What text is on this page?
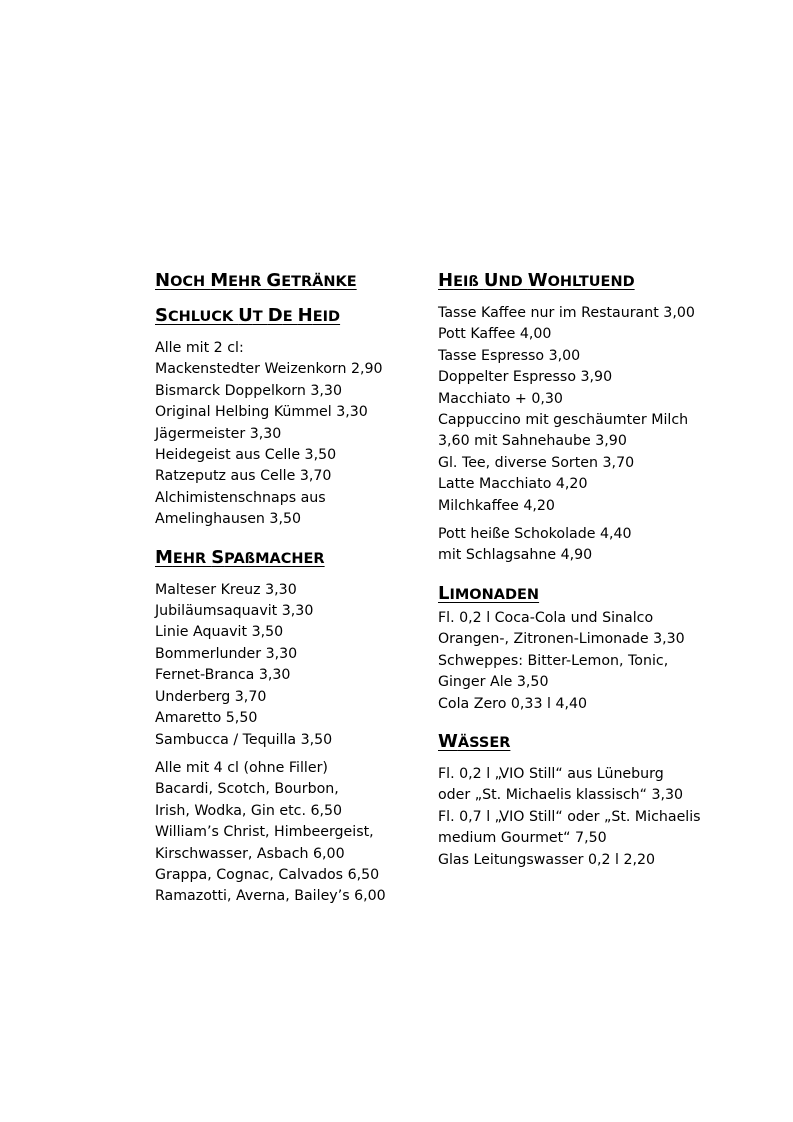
NOCH MEHR GETRÄNKE
SCHLUCK UT DE HEID
Alle mit 2 cl:
Mackenstedter Weizenkorn 2,90
Bismarck Doppelkorn 3,30
Original Helbing Kümmel 3,30
Jägermeister 3,30
Heidegeist aus Celle 3,50
Ratzeputz aus Celle 3,70
Alchimistenschnaps aus
Amelinghausen 3,50
MEHR SPAßMACHER
Malteser Kreuz 3,30
Jubiläumsaquavit 3,30
Linie Aquavit 3,50
Bommerlunder 3,30
Fernet-Branca 3,30
Underberg 3,70
Amaretto 5,50
Sambucca / Tequilla 3,50
Alle mit 4 cl (ohne Filler)
Bacardi, Scotch, Bourbon,
Irish, Wodka, Gin etc. 6,50
William’s Christ, Himbeergeist,
Kirschwasser, Asbach 6,00
Grappa, Cognac, Calvados 6,50
Ramazotti, Averna, Bailey’s 6,00
HEIß UND WOHLTUEND
Tasse Kaffee nur im Restaurant 3,00
Pott Kaffee 4,00
Tasse Espresso 3,00
Doppelter Espresso 3,90
Macchiato + 0,30
Cappuccino mit geschäumter Milch
3,60 mit Sahnehaube 3,90
Gl. Tee, diverse Sorten 3,70
Latte Macchiato 4,20
Milchkaffee 4,20
Pott heiße Schokolade 4,40
mit Schlagsahne 4,90
LIMONADEN
Fl. 0,2 l Coca-Cola und Sinalco
Orangen-, Zitronen-Limonade 3,30
Schweppes: Bitter-Lemon, Tonic,
Ginger Ale 3,50
Cola Zero 0,33 l 4,40
WÄSSER
Fl. 0,2 l „VIO Still“ aus Lüneburg
oder „St. Michaelis klassisch“ 3,30
Fl. 0,7 l „VIO Still“ oder „St. Michaelis
medium Gourmet“ 7,50
Glas Leitungswasser 0,2 l 2,20
